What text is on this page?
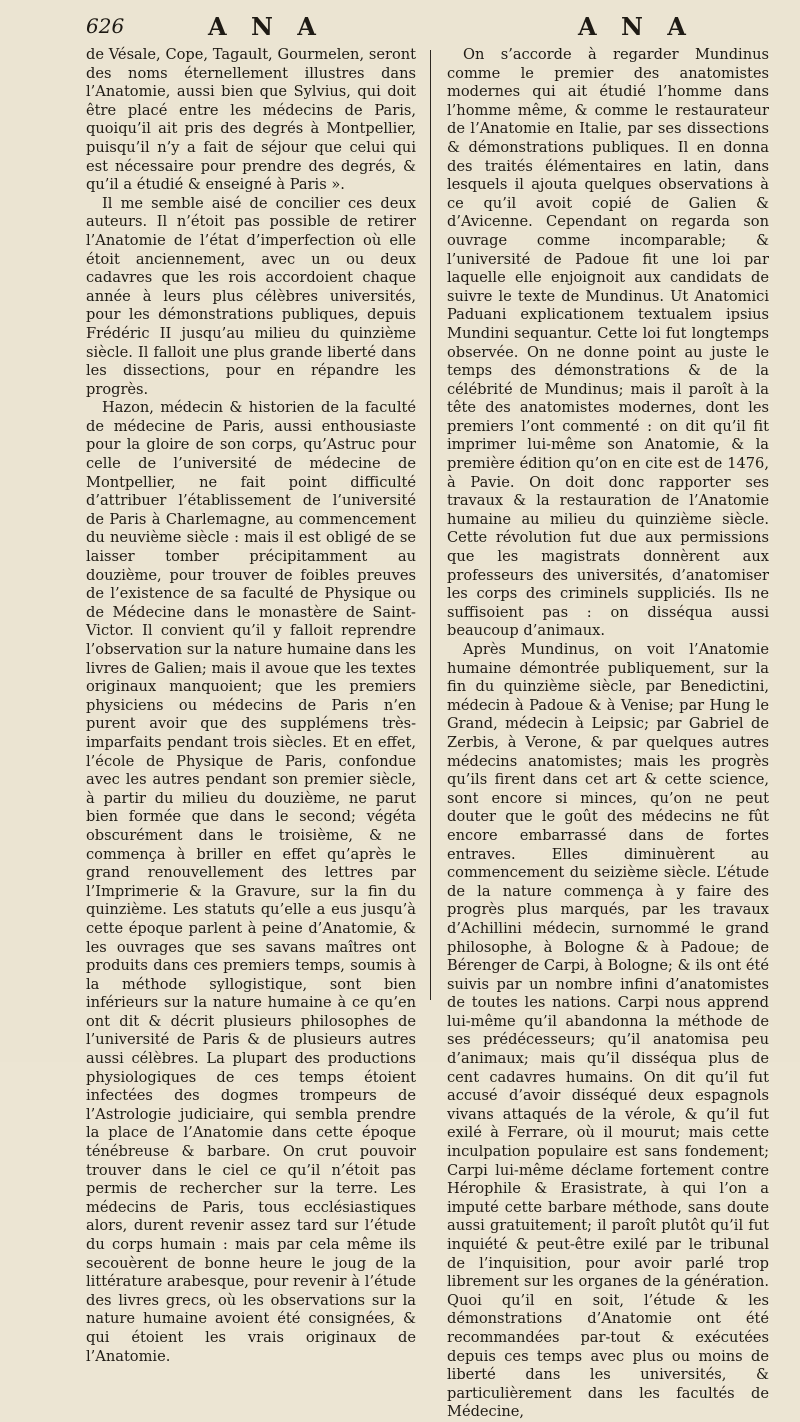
626	A N A	A N A

de Vésale, Cope, Tagault, Gourmelen, seront des noms éternellement illustres dans l’Anatomie, aussi bien que Sylvius, qui doit être placé entre les médecins de Paris, quoiqu’il ait pris des degrés à Montpellier, puisqu’il n’y a fait de séjour que celui qui est nécessaire pour prendre des degrés, & qu’il a étudié & enseigné à Paris ».

Il me semble aisé de concilier ces deux auteurs. Il n’étoit pas possible de retirer l’Anatomie de l’état d’imperfection où elle étoit anciennement, avec un ou deux cadavres que les rois accordoient chaque année à leurs plus célèbres universités, pour les démonstrations publiques, depuis Frédéric II jusqu’au milieu du quinzième siècle. Il falloit une plus grande liberté dans les dissections, pour en répandre les progrès.

Hazon, médecin & historien de la faculté de médecine de Paris, aussi enthousiaste pour la gloire de son corps, qu’Astruc pour celle de l’université de médecine de Montpellier, ne fait point difficulté d’attribuer l’établissement de l’université de Paris à Charlemagne, au commencement du neuvième siècle : mais il est obligé de se laisser tomber précipitamment au douzième, pour trouver de foibles preuves de l’existence de sa faculté de Physique ou de Médecine dans le monastère de Saint-Victor. Il convient qu’il y falloit reprendre l’observation sur la nature humaine dans les livres de Galien; mais il avoue que les textes originaux manquoient; que les premiers physiciens ou médecins de Paris n’en purent avoir que des supplémens très-imparfaits pendant trois siècles. Et en effet, l’école de Physique de Paris, confondue avec les autres pendant son premier siècle, à partir du milieu du douzième, ne parut bien formée que dans le second; végéta obscurément dans le troisième, & ne commença à briller en effet qu’après le grand renouvellement des lettres par l’Imprimerie & la Gravure, sur la fin du quinzième. Les statuts qu’elle a eus jusqu’à cette époque parlent à peine d’Anatomie, & les ouvrages que ses savans maîtres ont produits dans ces premiers temps, soumis à la méthode syllogistique, sont bien inférieurs sur la nature humaine à ce qu’en ont dit & décrit plusieurs philosophes de l’université de Paris & de plusieurs autres aussi célèbres. La plupart des productions physiologiques de ces temps étoient infectées des dogmes trompeurs de l’Astrologie judiciaire, qui sembla prendre la place de l’Anatomie dans cette époque ténébreuse & barbare. On crut pouvoir trouver dans le ciel ce qu’il n’étoit pas permis de rechercher sur la terre. Les médecins de Paris, tous ecclésiastiques alors, durent revenir assez tard sur l’étude du corps humain : mais par cela même ils secouèrent de bonne heure le joug de la littérature arabesque, pour revenir à l’étude des livres grecs, où les observations sur la nature humaine avoient été consignées, & qui étoient les vrais originaux de l’Anatomie.

On s’accorde à regarder Mundinus comme le premier des anatomistes modernes qui ait étudié l’homme dans l’homme même, & comme le restaurateur de l’Anatomie en Italie, par ses dissections & démonstrations publiques. Il en donna des traités élémentaires en latin, dans lesquels il ajouta quelques observations à ce qu’il avoit copié de Galien & d’Avicenne. Cependant on regarda son ouvrage comme incomparable; & l’université de Padoue fit une loi par laquelle elle enjoignoit aux candidats de suivre le texte de Mundinus. Ut Anatomici Paduani explicationem textualem ipsius Mundini sequantur. Cette loi fut longtemps observée. On ne donne point au juste le temps des démonstrations & de la célébrité de Mundinus; mais il paroît à la tête des anatomistes modernes, dont les premiers l’ont commenté : on dit qu’il fit imprimer lui-même son Anatomie, & la première édition qu’on en cite est de 1476, à Pavie. On doit donc rapporter ses travaux & la restauration de l’Anatomie humaine au milieu du quinzième siècle. Cette révolution fut due aux permissions que les magistrats donnèrent aux professeurs des universités, d’anatomiser les corps des criminels suppliciés. Ils ne suffisoient pas : on disséqua aussi beaucoup d’animaux.

Après Mundinus, on voit l’Anatomie humaine démontrée publiquement, sur la fin du quinzième siècle, par Benedictini, médecin à Padoue & à Venise; par Hung le Grand, médecin à Leipsic; par Gabriel de Zerbis, à Verone, & par quelques autres médecins anatomistes; mais les progrès qu’ils firent dans cet art & cette science, sont encore si minces, qu’on ne peut douter que le goût des médecins ne fût encore embarrassé dans de fortes entraves. Elles diminuèrent au commencement du seizième siècle. L’étude de la nature commença à y faire des progrès plus marqués, par les travaux d’Achillini médecin, surnommé le grand philosophe, à Bologne & à Padoue; de Bérenger de Carpi, à Bologne; & ils ont été suivis par un nombre infini d’anatomistes de toutes les nations. Carpi nous apprend lui-même qu’il abandonna la méthode de ses prédécesseurs; qu’il anatomisa peu d’animaux; mais qu’il disséqua plus de cent cadavres humains. On dit qu’il fut accusé d’avoir disséqué deux espagnols vivans attaqués de la vérole, & qu’il fut exilé à Ferrare, où il mourut; mais cette inculpation populaire est sans fondement; Carpi lui-même déclame fortement contre Hérophile & Erasistrate, à qui l’on a imputé cette barbare méthode, sans doute aussi gratuitement; il paroît plutôt qu’il fut inquiété & peut-être exilé par le tribunal de l’inquisition, pour avoir parlé trop librement sur les organes de la génération. Quoi qu’il en soit, l’étude & les démonstrations d’Anatomie ont été recommandées par-tout & exécutées depuis ces temps avec plus ou moins de liberté dans les universités, & particulièrement dans les facultés de Médecine,
